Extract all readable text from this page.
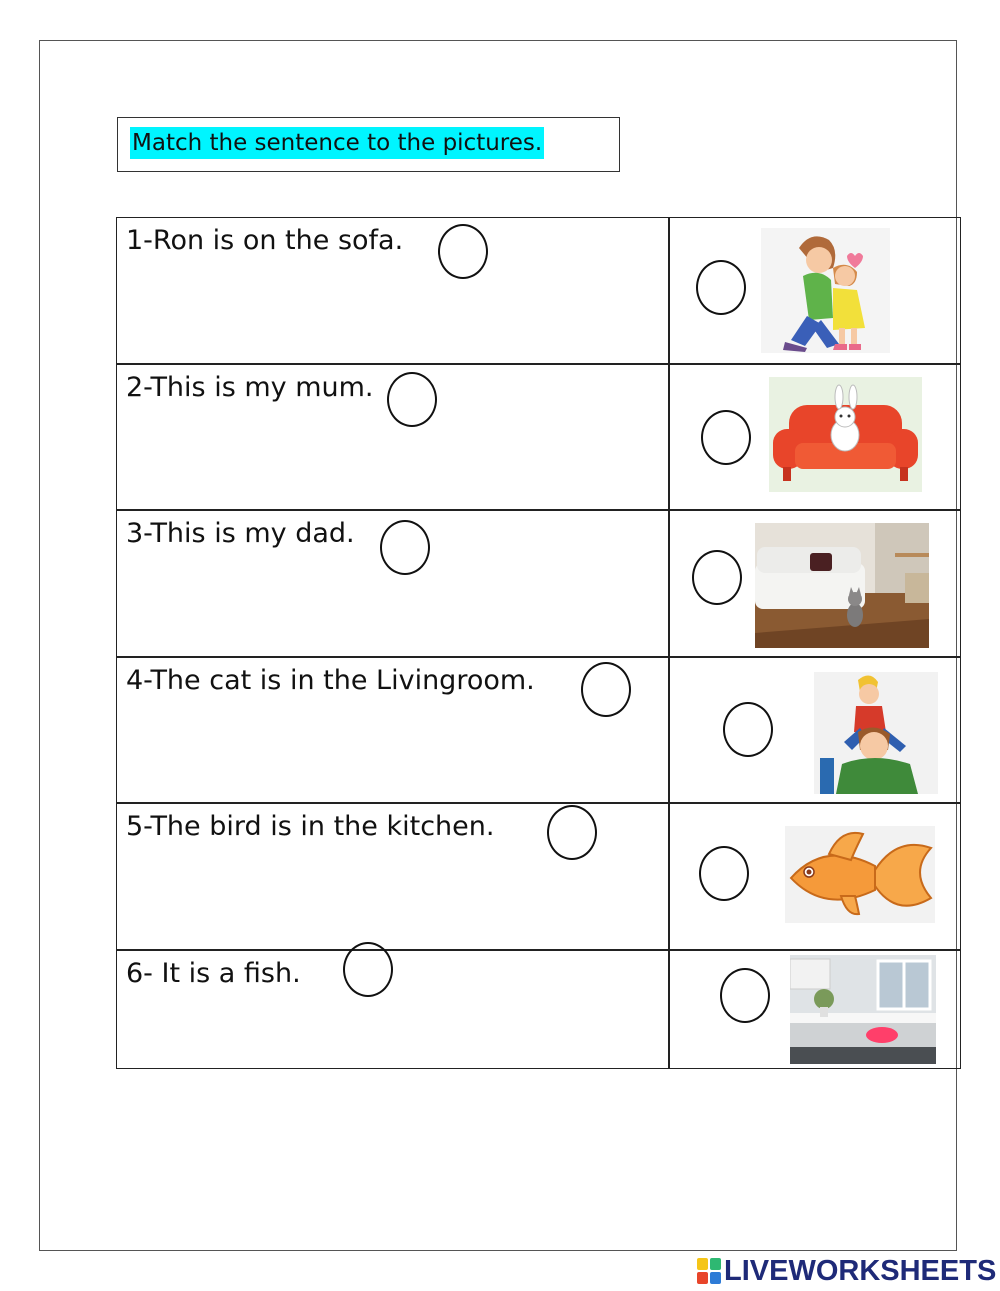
Match the sentence to the pictures.
1-Ron is on the sofa.
2-This is my mum.
3-This is my dad.
4-The cat is in the Livingroom.
5-The bird is in the kitchen.
6- It is a fish.
LIVEWORKSHEETS
